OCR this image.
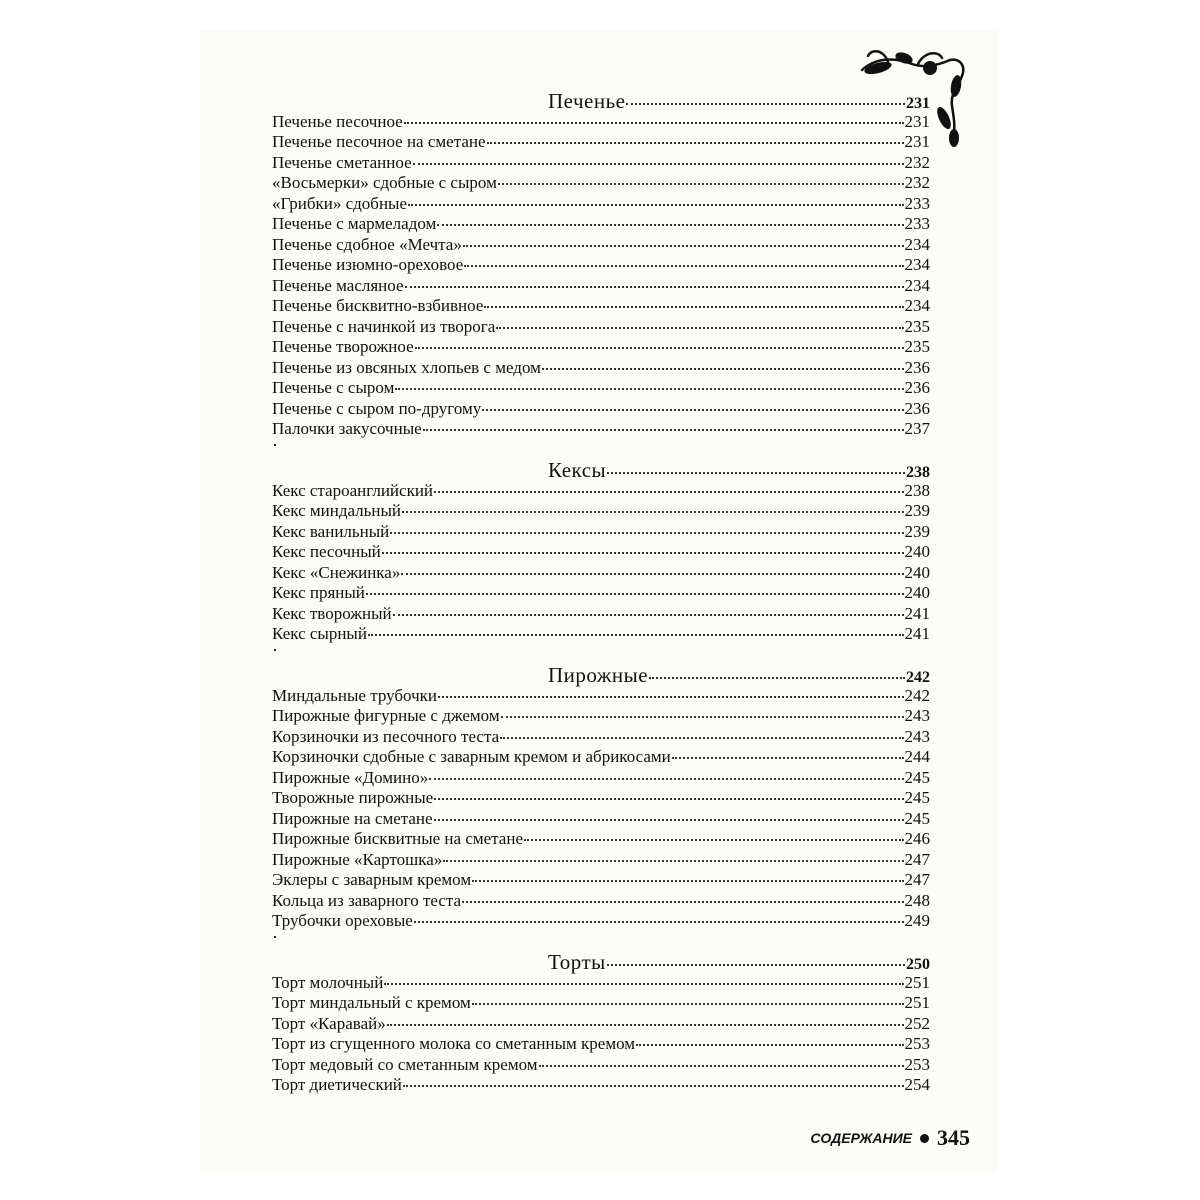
Печенье	231
Печенье песочное	231
Печенье песочное на сметане	231
Печенье сметанное	232
«Восьмерки» сдобные с сыром	232
«Грибки» сдобные	233
Печенье с мармеладом	233
Печенье сдобное «Мечта»	234
Печенье изюмно-ореховое	234
Печенье масляное	234
Печенье бисквитно-взбивное	234
Печенье с начинкой из творога	235
Печенье творожное	235
Печенье из овсяных хлопьев с медом	236
Печенье с сыром	236
Печенье с сыром по-другому	236
Палочки закусочные	237
Кексы	238
Кекс староанглийский	238
Кекс миндальный	239
Кекс ванильный	239
Кекс песочный	240
Кекс «Снежинка»	240
Кекс пряный	240
Кекс творожный	241
Кекс сырный	241
Пирожные	242
Миндальные трубочки	242
Пирожные фигурные с джемом	243
Корзиночки из песочного теста	243
Корзиночки сдобные с заварным кремом и абрикосами	244
Пирожные «Домино»	245
Творожные пирожные	245
Пирожные на сметане	245
Пирожные бисквитные на сметане	246
Пирожные «Картошка»	247
Эклеры с заварным кремом	247
Кольца из заварного теста	248
Трубочки ореховые	249
Торты	250
Торт молочный	251
Торт миндальный с кремом	251
Торт «Каравай»	252
Торт из сгущенного молока со сметанным кремом	253
Торт медовый со сметанным кремом	253
Торт диетический	254
СОДЕРЖАНИЕ 345
